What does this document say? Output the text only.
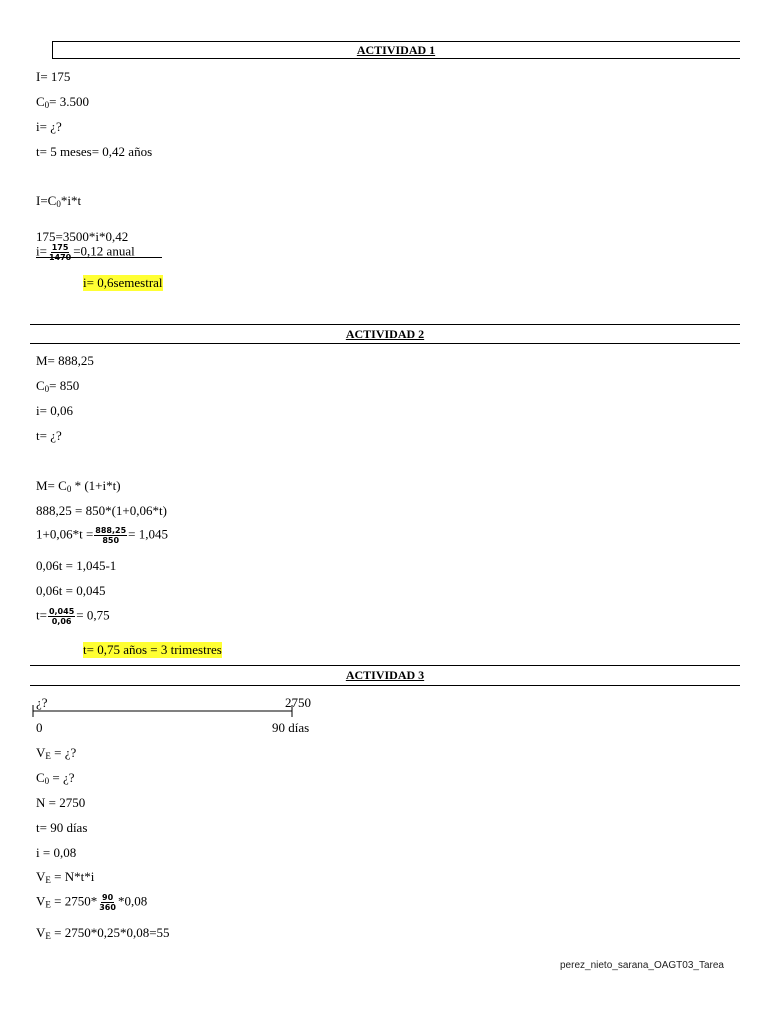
ACTIVIDAD 1
I= 175
$C_0= 3.500$
i= ¿?
t= 5 meses= 0,42 años
$I=C_0*i*t$
175=3500*i*0,42
$i= \frac{175}{1470} =0,12$ anual
i= 0,6semestral
ACTIVIDAD 2
M= 888,25
$C_0= 850$
i= 0,06
t= ¿?
$M= C_0 * (1+i*t)$
888,25 = 850*(1+0,06*t)
$1+0,06*t = \frac{888,25}{850} = 1,045$
0,06t = 1,045-1
0,06t = 0,045
$t= \frac{0,045}{0,06} = 0,75$
t= 0,75 años = 3 trimestres
ACTIVIDAD 3
¿?	2750
0	90 días
$V_E$ = ¿?
$C_0$ = ¿?
N = 2750
t= 90 días
i = 0,08
$V_E = N*t*i$
$V_E = 2750* \frac{90}{360} *0,08$
$V_E = 2750*0,25*0,08=55$
perez_nieto_sarana_OAGT03_Tarea
